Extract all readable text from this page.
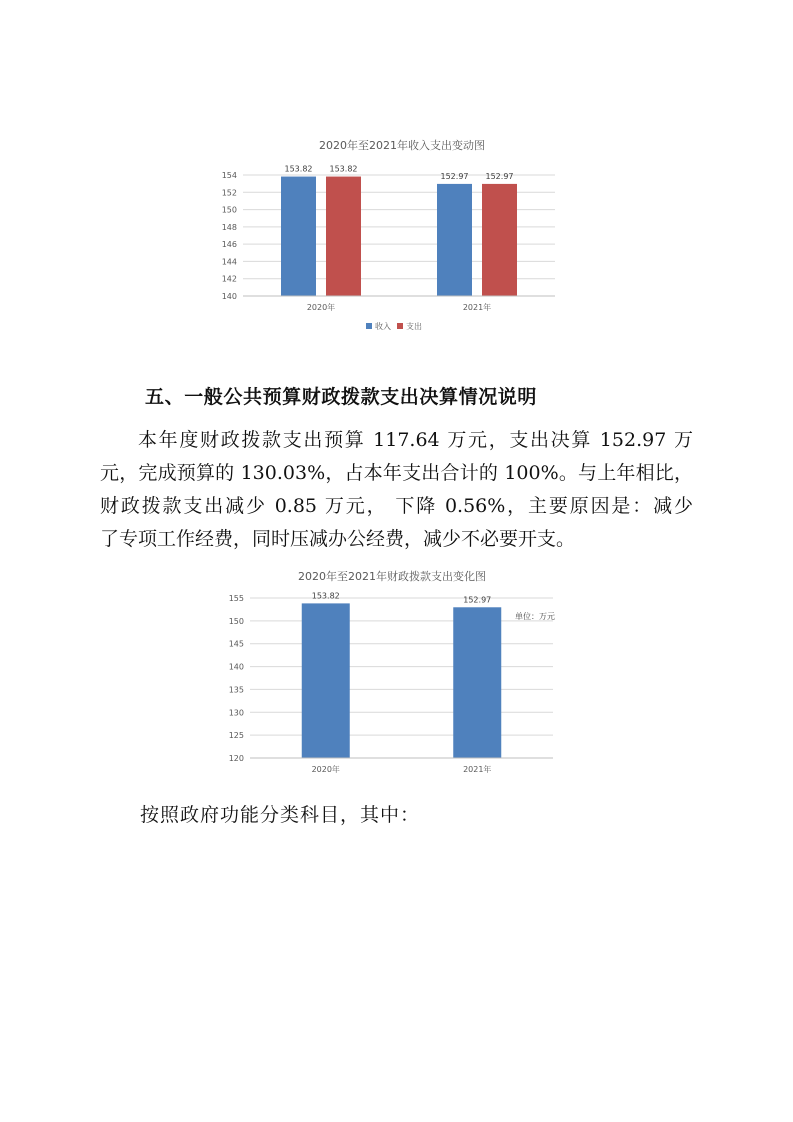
2020年至2021年收入支出变动图
153.82 153.82
152.97 152.97
140
142
144
146
148
150
152
154
2020年	2021年
收入 支出
五、一般公共预算财政拨款支出决算情况说明
本年度财政拨款支出预算 117.64 万元，支出决算 152.97 万
元，完成预算的 130.03%，占本年支出合计的 100%。与上年相比，
财政拨款支出减少 0.85 万元， 下降 0.56%，主要原因是：减少
了专项工作经费，同时压减办公经费，减少不必要开支。
2020年至2021年财政拨款支出变化图
153.82	152.97
120
125
130
135
140
145
150
155
2020年	2021年
单位：万元
按照政府功能分类科目，其中：
